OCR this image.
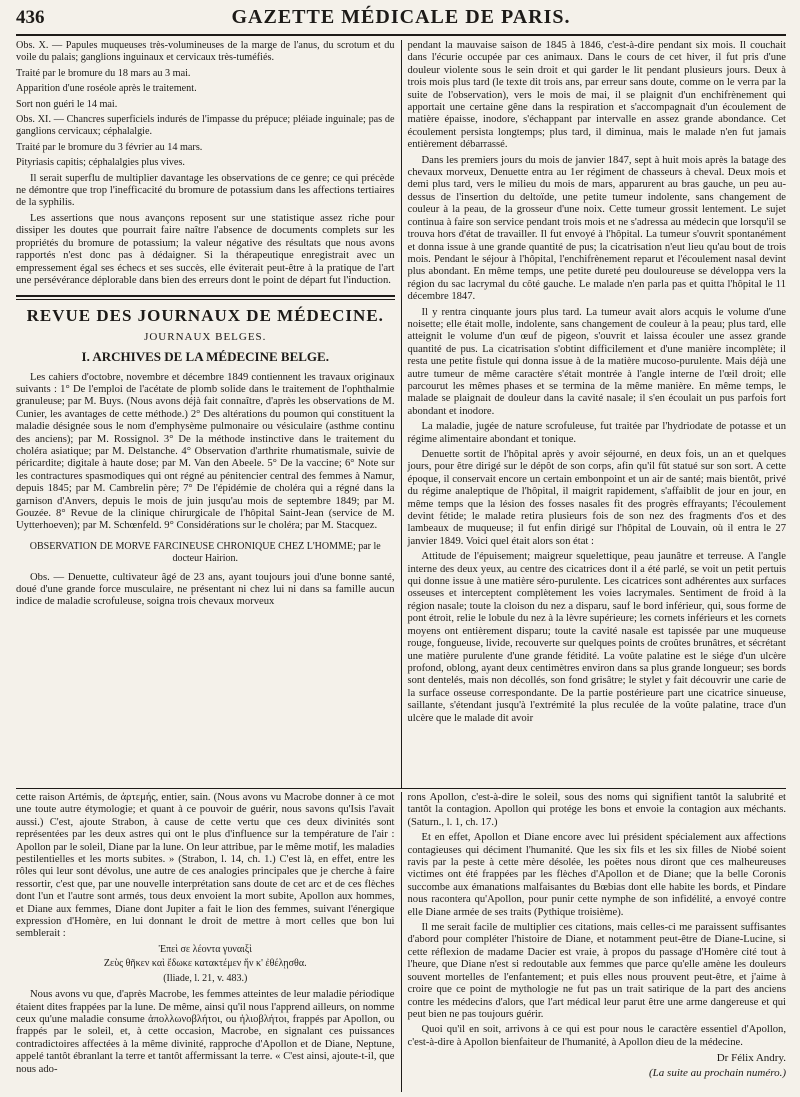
436	GAZETTE MÉDICALE DE PARIS.

Obs. X. — Papules muqueuses très-volumineuses de la marge de l'anus, du scrotum et du voile du palais; ganglions inguinaux et cervicaux très-tuméfiés.

Traité par le bromure du 18 mars au 3 mai.

Apparition d'une roséole après le traitement.

Sort non guéri le 14 mai.

Obs. XI. — Chancres superficiels indurés de l'impasse du prépuce; pléiade inguinale; pas de ganglions cervicaux; céphalalgie.

Traité par le bromure du 3 février au 14 mars.

Pityriasis capitis; céphalalgies plus vives.

Il serait superflu de multiplier davantage les observations de ce genre; ce qui précède ne démontre que trop l'inefficacité du bromure de potassium dans les affections tertiaires de la syphilis.

Les assertions que nous avançons reposent sur une statistique assez riche pour dissiper les doutes que pourrait faire naître l'absence de documents complets sur les propriétés du bromure de potassium; la valeur négative des résultats que nous avons rapportés n'est donc pas à dédaigner. Si la thérapeutique enregistrait avec un empressement égal ses échecs et ses succès, elle éviterait peut-être à la pratique de l'art une persévérance déplorable dans bien des erreurs dont le point de départ fut l'induction.

REVUE DES JOURNAUX DE MÉDECINE.
JOURNAUX BELGES.
I. ARCHIVES DE LA MÉDECINE BELGE.

Les cahiers d'octobre, novembre et décembre 1849 contiennent les travaux originaux suivants : 1° De l'emploi de l'acétate de plomb solide dans le traitement de l'ophthalmie granuleuse; par M. Buys. (Nous avons déjà fait connaître, d'après les observations de M. Cunier, les avantages de cette méthode.) 2° Des altérations du poumon qui constituent la maladie désignée sous le nom d'emphysème pulmonaire ou vésiculaire (asthme continu des anciens); par M. Rossignol. 3° De la méthode instinctive dans le traitement du choléra asiatique; par M. Delstanche. 4° Observation d'arthrite rhumatismale, suivie de péricardite; digitale à haute dose; par M. Van den Abeele. 5° De la vaccine; 6° Note sur les contractures spasmodiques qui ont régné au pénitencier central des femmes à Namur, depuis 1845; par M. Cambrelin père; 7° De l'épidémie de choléra qui a régné dans la garnison d'Anvers, depuis le mois de juin jusqu'au mois de septembre 1849; par M. Gouzée. 8° Revue de la clinique chirurgicale de l'hôpital Saint-Jean (service de M. Uytterhoeven); par M. Schœnfeld. 9° Considérations sur le choléra; par M. Stacquez.

OBSERVATION DE MORVE FARCINEUSE CHRONIQUE CHEZ L'HOMME; par le docteur Hairion.

Obs. — Denuette, cultivateur âgé de 23 ans, ayant toujours joui d'une bonne santé, doué d'une grande force musculaire, ne présentant ni chez lui ni dans sa famille aucun indice de maladie scrofuleuse, soigna trois chevaux morveux

pendant la mauvaise saison de 1845 à 1846, c'est-à-dire pendant six mois. Il couchait dans l'écurie occupée par ces animaux. Dans le cours de cet hiver, il fut pris d'une douleur violente sous le sein droit et qui garder le lit pendant plusieurs jours. Deux à trois mois plus tard (le texte dit trois ans, par erreur sans doute, comme on le verra par la suite de l'observation), vers le mois de mai, il se plaignit d'un enchifrènement qui apportait une certaine gêne dans la respiration et s'accompagnait d'un écoulement de matière épaisse, inodore, s'échappant par intervalle en assez grande abondance. Cet écoulement persista longtemps; plus tard, il diminua, mais le malade n'en fut jamais entièrement débarrassé.

Dans les premiers jours du mois de janvier 1847, sept à huit mois après la batage des chevaux morveux, Denuette entra au 1er régiment de chasseurs à cheval. Deux mois et demi plus tard, vers le milieu du mois de mars, apparurent au bras gauche, un peu au-dessus de l'insertion du deltoïde, une petite tumeur indolente, sans changement de couleur à la peau, de la grosseur d'une noix. Cette tumeur grossit lentement. Le sujet continua à faire son service pendant trois mois et ne s'adressa au médecin que lorsqu'il se trouva hors d'état de travailler. Il fut envoyé à l'hôpital. La tumeur s'ouvrit spontanément et donna issue à une grande quantité de pus; la cicatrisation n'eut lieu qu'au bout de trois mois. Pendant le séjour à l'hôpital, l'enchifrènement reparut et l'écoulement nasal devint plus abondant. En même temps, une petite dureté peu douloureuse se développa vers la région du sac lacrymal du côté gauche. Le malade n'en parla pas et quitta l'hôpital le 11 décembre 1847.

Il y rentra cinquante jours plus tard. La tumeur avait alors acquis le volume d'une noisette; elle était molle, indolente, sans changement de couleur à la peau; plus tard, elle atteignit le volume d'un œuf de pigeon, s'ouvrit et laissa écouler une assez grande quantité de pus. La cicatrisation s'obtint difficilement et d'une manière incomplète; il resta une petite fistule qui donna issue à de la matière mucoso-purulente. Mais déjà une autre tumeur de même caractère s'était montrée à l'angle interne de l'œil droit; elle parcourut les mêmes phases et se termina de la même manière. En même temps, le malade se plaignait de douleur dans la cavité nasale; il s'en écoulait un pus parfois fort abondant et inodore.

La maladie, jugée de nature scrofuleuse, fut traitée par l'hydriodate de potasse et un régime alimentaire abondant et tonique.

Denuette sortit de l'hôpital après y avoir séjourné, en deux fois, un an et quelques jours, pour être dirigé sur le dépôt de son corps, afin qu'il fût statué sur son sort. A cette époque, il conservait encore un certain embonpoint et un air de santé; mais bientôt, privé du régime analeptique de l'hôpital, il maigrit rapidement, s'affaiblit de jour en jour, en même temps que la lésion des fosses nasales fit des progrès effrayants; l'écoulement devint fétide; le malade retira plusieurs fois de son nez des fragments d'os et des lambeaux de muqueuse; il fut enfin dirigé sur l'hôpital de Louvain, où il entra le 27 janvier 1849. Voici quel était alors son état :

Attitude de l'épuisement; maigreur squelettique, peau jaunâtre et terreuse. A l'angle interne des deux yeux, au centre des cicatrices dont il a été parlé, se voit un petit pertuis qui donne issue à une matière séro-purulente. Les cicatrices sont adhérentes aux surfaces osseuses et interceptent complètement les voies lacrymales. Sentiment de froid à la région nasale; toute la cloison du nez a disparu, sauf le bord inférieur, qui, sous forme de pont étroit, relie le lobule du nez à la lèvre supérieure; les cornets inférieurs et les cornets moyens ont entièrement disparu; toute la cavité nasale est tapissée par une muqueuse rouge, fongueuse, livide, recouverte sur quelques points de croûtes brunâtres, et sécrétant une matière purulente d'une grande fétidité. La voûte palatine est le siége d'un ulcère profond, oblong, ayant deux centimètres environ dans sa plus grande longueur; ses bords sont dentelés, mais non décollés, son fond grisâtre; le stylet y fait découvrir une carie de la surface osseuse correspondante. De la partie postérieure part une cicatrice sinueuse, saillante, s'étendant jusqu'à l'extrémité la plus reculée de la voûte palatine, trace d'un ulcère que le malade dit avoir

cette raison Artémis, de ἀρτεμής, entier, sain. (Nous avons vu Macrobe donner à ce mot une toute autre étymologie; et quant à ce pouvoir de guérir, nous savons qu'Isis l'avait aussi.) C'est, ajoute Strabon, à cause de cette vertu que ces deux divinités sont représentées par les deux astres qui ont le plus d'influence sur la température de l'air : Apollon par le soleil, Diane par la lune. On leur attribue, par le même motif, les maladies pestilentielles et les morts subites. » (Strabon, l. 14, ch. 1.) C'est là, en effet, entre les rôles qui leur sont dévolus, une autre de ces analogies principales que je cherche à faire ressortir, c'est que, par une nouvelle interprétation sans doute de cet arc et de ces flèches dont l'un et l'autre sont armés, tous deux envoient la mort subite, Apollon aux hommes, et Diane aux femmes, Diane dont Jupiter a fait le lion des femmes, suivant l'énergique expression d'Homère, en lui donnant le droit de mettre à mort celles que bon lui semblerait :

Ἐπεὶ σε λέοντα γυναιξὶ
Ζεὺς θῆκεν καὶ ἔδωκε κατακτέμεν ἥν κ' ἐθέλῃσθα.
(Iliade, l. 21, v. 483.)

Nous avons vu que, d'après Macrobe, les femmes atteintes de leur maladie périodique étaient dites frappées par la lune. De même, ainsi qu'il nous l'apprend ailleurs, on nomme ceux qu'une maladie consume ἀπολλωνοβλήτοι, ou ἡλιοβλήτοι, frappés par Apollon, ou frappés par le soleil, et, à cette occasion, Macrobe, en signalant ces puissances contradictoires affectées à la même divinité, rapproche d'Apollon et de Diane, Neptune, appelé tantôt ébranlant la terre et tantôt affermissant la terre. « C'est ainsi, ajoute-t-il, que nous ado-

rons Apollon, c'est-à-dire le soleil, sous des noms qui signifient tantôt la salubrité et tantôt la contagion. Apollon qui protége les bons et envoie la contagion aux méchants. (Saturn., l. 1, ch. 17.)

Et en effet, Apollon et Diane encore avec lui président spécialement aux affections contagieuses qui déciment l'humanité. Que les six fils et les six filles de Niobé soient ravis par la peste à cette mère désolée, les poëtes nous diront que ces malheureuses victimes ont été frappées par les flèches d'Apollon et de Diane; que la belle Coronis succombe aux émanations malfaisantes du Bœbias dont elle habite les bords, et Pindare nous racontera qu'Apollon, pour punir cette nymphe de son infidélité, a envoyé contre elle Diane armée de ses traits (Pythique troisième).

Il me serait facile de multiplier ces citations, mais celles-ci me paraissent suffisantes d'abord pour compléter l'histoire de Diane, et notamment peut-être de Diane-Lucine, si cette réflexion de madame Dacier est vraie, à propos du passage d'Homère cité tout à l'heure, que Diane n'est si redoutable aux femmes que parce qu'elle amène les douleurs souvent mortelles de l'enfantement; et puis elles nous prouvent peut-être, et j'aime à croire que ce point de mythologie ne fut pas un trait satirique de la part des anciens contre les médecins d'alors, que l'art médical leur parut être une arme dangereuse et qui peut bien ne pas toujours guérir.

Quoi qu'il en soit, arrivons à ce qui est pour nous le caractère essentiel d'Apollon, c'est-à-dire à Apollon bienfaiteur de l'humanité, à Apollon dieu de la médecine.

Dr Félix Andry.
(La suite au prochain numéro.)
